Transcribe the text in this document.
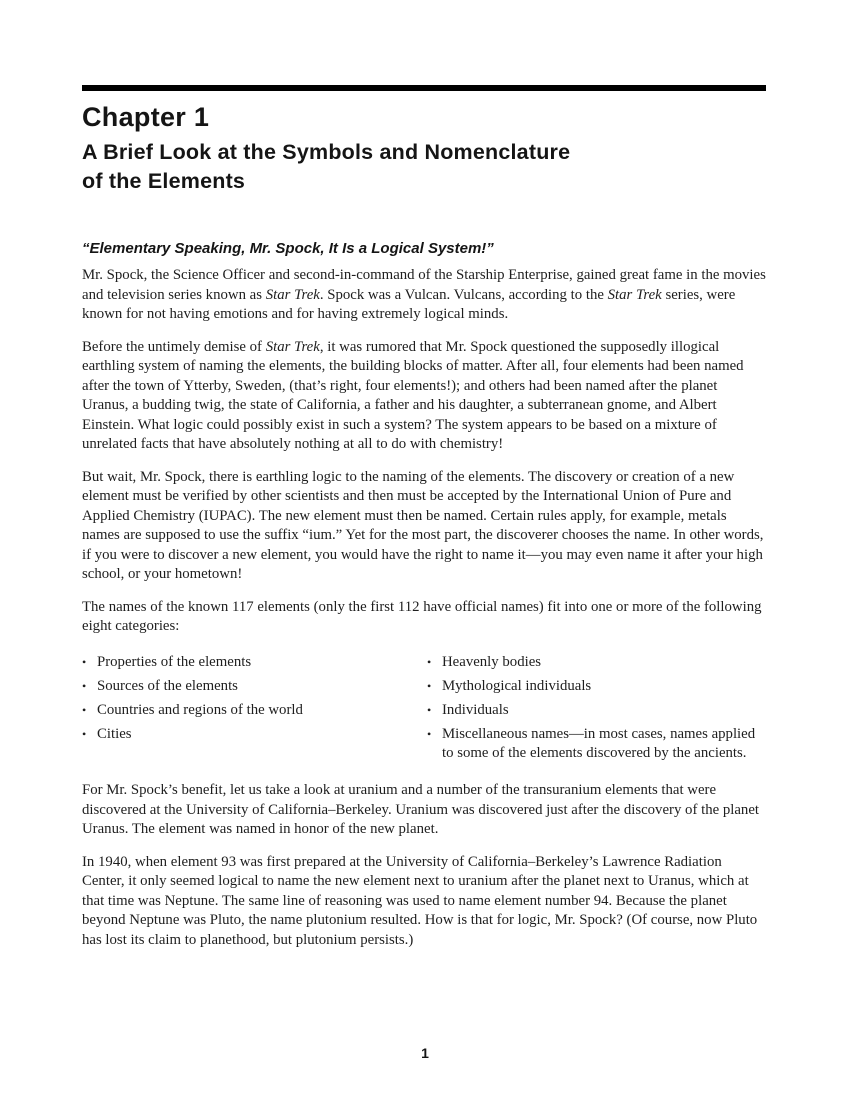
Chapter 1
A Brief Look at the Symbols and Nomenclature
of the Elements
“Elementary Speaking, Mr. Spock, It Is a Logical System!”

Mr. Spock, the Science Officer and second-in-command of the Starship Enterprise, gained great fame in the movies and television series known as Star Trek. Spock was a Vulcan. Vulcans, according to the Star Trek series, were known for not having emotions and for having extremely logical minds.

Before the untimely demise of Star Trek, it was rumored that Mr. Spock questioned the supposedly illogical earthling system of naming the elements, the building blocks of matter. After all, four elements had been named after the town of Ytterby, Sweden, (that’s right, four elements!); and others had been named after the planet Uranus, a budding twig, the state of California, a father and his daughter, a subterranean gnome, and Albert Einstein. What logic could possibly exist in such a system? The system appears to be based on a mixture of unrelated facts that have absolutely nothing at all to do with chemistry!

But wait, Mr. Spock, there is earthling logic to the naming of the elements. The discovery or creation of a new element must be verified by other scientists and then must be accepted by the International Union of Pure and Applied Chemistry (IUPAC). The new element must then be named. Certain rules apply, for example, metals names are supposed to use the suffix “ium.” Yet for the most part, the discoverer chooses the name. In other words, if you were to discover a new element, you would have the right to name it—you may even name it after your high school, or your hometown!

The names of the known 117 elements (only the first 112 have official names) fit into one or more of the following eight categories:

• Properties of the elements
• Sources of the elements
• Countries and regions of the world
• Cities
• Heavenly bodies
• Mythological individuals
• Individuals
• Miscellaneous names—in most cases, names applied to some of the elements discovered by the ancients.

For Mr. Spock’s benefit, let us take a look at uranium and a number of the transuranium elements that were discovered at the University of California–Berkeley. Uranium was discovered just after the discovery of the planet Uranus. The element was named in honor of the new planet.

In 1940, when element 93 was first prepared at the University of California–Berkeley’s Lawrence Radiation Center, it only seemed logical to name the new element next to uranium after the planet next to Uranus, which at that time was Neptune. The same line of reasoning was used to name element number 94. Because the planet beyond Neptune was Pluto, the name plutonium resulted. How is that for logic, Mr. Spock? (Of course, now Pluto has lost its claim to planethood, but plutonium persists.)

1
